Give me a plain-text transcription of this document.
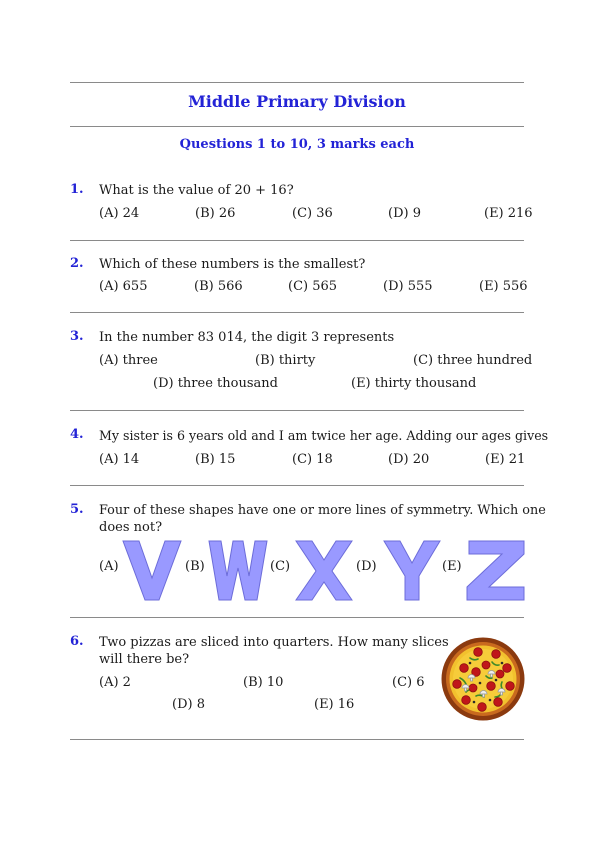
Middle Primary Division
Questions 1 to 10, 3 marks each
1. What is the value of 20 + 16?
(A) 24	(B) 26	(C) 36	(D) 9	(E) 216
2. Which of these numbers is the smallest?
(A) 655	(B) 566	(C) 565	(D) 555	(E) 556
3. In the number 83 014, the digit 3 represents
(A) three	(B) thirty	(C) three hundred
(D) three thousand	(E) thirty thousand
4. My sister is 6 years old and I am twice her age. Adding our ages gives
(A) 14	(B) 15	(C) 18	(D) 20	(E) 21
5. Four of these shapes have one or more lines of symmetry. Which one
does not?
(A)	(B)	(C)	(D)	(E)
6. Two pizzas are sliced into quarters. How many slices
will there be?
(A) 2	(B) 10	(C) 6
(D) 8	(E) 16
